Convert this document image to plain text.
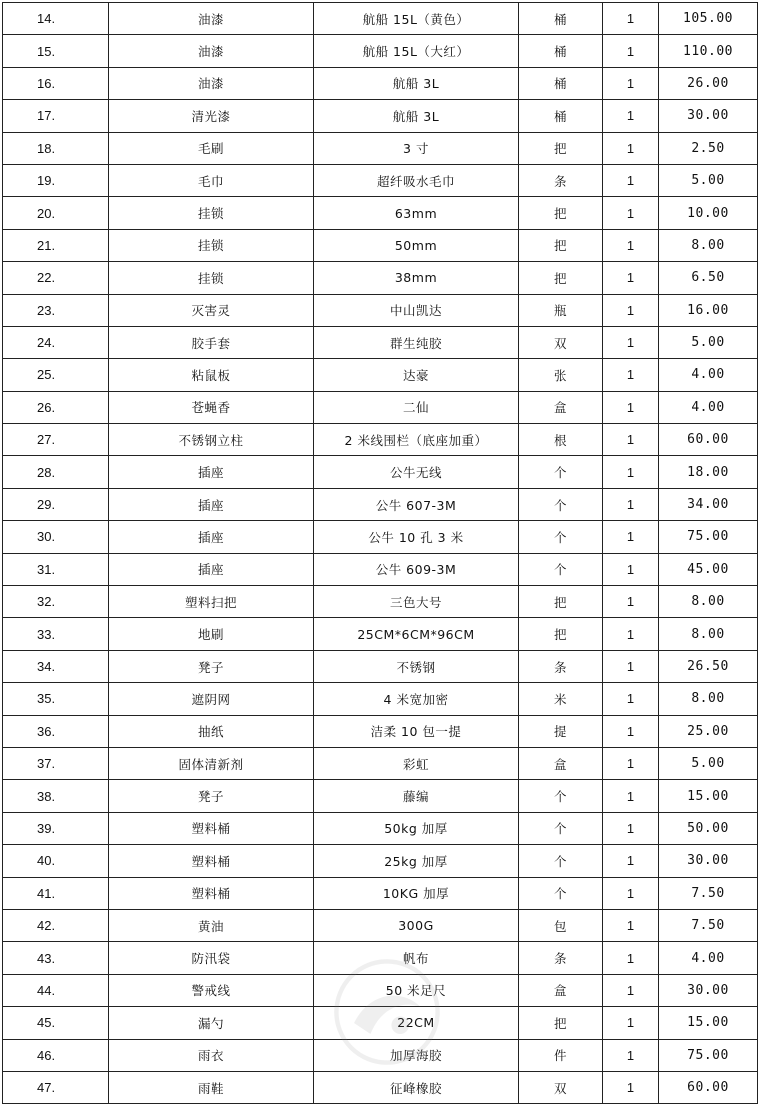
14.	油漆	航船 15L（黄色）	桶	1	105.00
15.	油漆	航船 15L（大红）	桶	1	110.00
16.	油漆	航船 3L	桶	1	26.00
17.	清光漆	航船 3L	桶	1	30.00
18.	毛刷	3 寸	把	1	2.50
19.	毛巾	超纤吸水毛巾	条	1	5.00
20.	挂锁	63mm	把	1	10.00
21.	挂锁	50mm	把	1	8.00
22.	挂锁	38mm	把	1	6.50
23.	灭害灵	中山凯达	瓶	1	16.00
24.	胶手套	群生纯胶	双	1	5.00
25.	粘鼠板	达豪	张	1	4.00
26.	苍蝇香	二仙	盒	1	4.00
27.	不锈钢立柱	2 米线围栏（底座加重）	根	1	60.00
28.	插座	公牛无线	个	1	18.00
29.	插座	公牛 607-3M	个	1	34.00
30.	插座	公牛 10 孔 3 米	个	1	75.00
31.	插座	公牛 609-3M	个	1	45.00
32.	塑料扫把	三色大号	把	1	8.00
33.	地刷	25CM*6CM*96CM	把	1	8.00
34.	凳子	不锈钢	条	1	26.50
35.	遮阴网	4 米宽加密	米	1	8.00
36.	抽纸	洁柔 10 包一提	提	1	25.00
37.	固体清新剂	彩虹	盒	1	5.00
38.	凳子	藤编	个	1	15.00
39.	塑料桶	50kg 加厚	个	1	50.00
40.	塑料桶	25kg 加厚	个	1	30.00
41.	塑料桶	10KG 加厚	个	1	7.50
42.	黄油	300G	包	1	7.50
43.	防汛袋	帆布	条	1	4.00
44.	警戒线	50 米足尺	盒	1	30.00
45.	漏勺	22CM	把	1	15.00
46.	雨衣	加厚海胶	件	1	75.00
47.	雨鞋	征峰橡胶	双	1	60.00
